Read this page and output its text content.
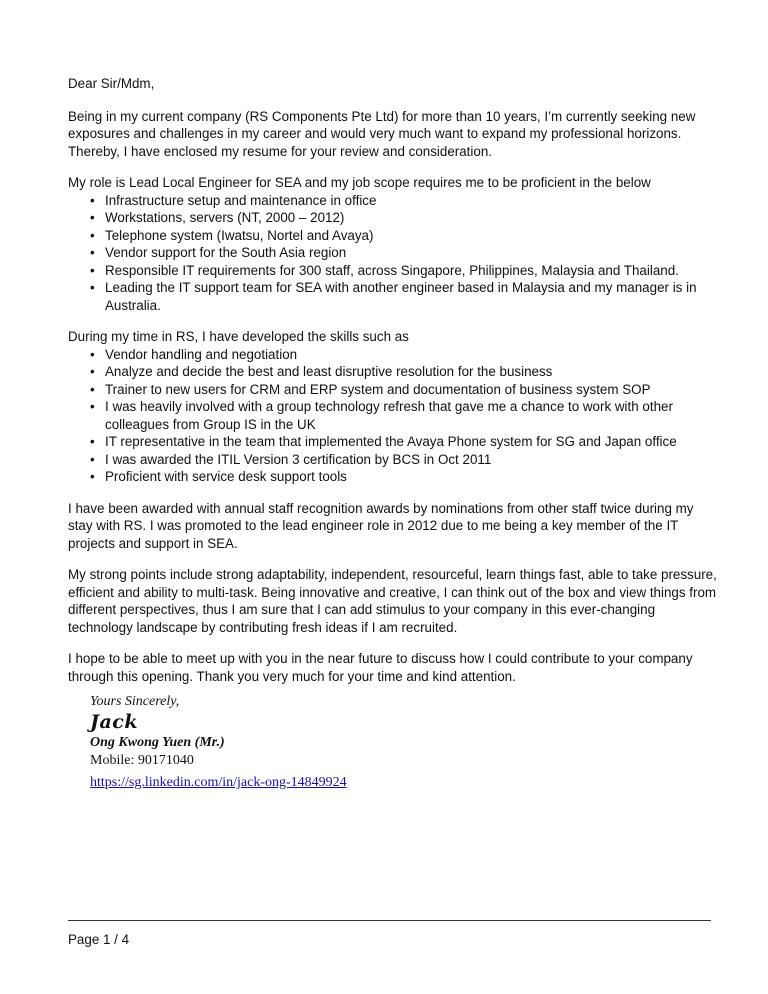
Dear Sir/Mdm,

Being in my current company (RS Components Pte Ltd) for more than 10 years, I’m currently seeking new exposures and challenges in my career and would very much want to expand my professional horizons. Thereby, I have enclosed my resume for your review and consideration.

My role is Lead Local Engineer for SEA and my job scope requires me to be proficient in the below

• Infrastructure setup and maintenance in office
• Workstations, servers (NT, 2000 – 2012)
• Telephone system (Iwatsu, Nortel and Avaya)
• Vendor support for the South Asia region
• Responsible IT requirements for 300 staff, across Singapore, Philippines, Malaysia and Thailand.
• Leading the IT support team for SEA with another engineer based in Malaysia and my manager is in Australia.

During my time in RS, I have developed the skills such as

• Vendor handling and negotiation
• Analyze and decide the best and least disruptive resolution for the business
• Trainer to new users for CRM and ERP system and documentation of business system SOP
• I was heavily involved with a group technology refresh that gave me a chance to work with other colleagues from Group IS in the UK
• IT representative in the team that implemented the Avaya Phone system for SG and Japan office
• I was awarded the ITIL Version 3 certification by BCS in Oct 2011
• Proficient with service desk support tools

I have been awarded with annual staff recognition awards by nominations from other staff twice during my stay with RS. I was promoted to the lead engineer role in 2012 due to me being a key member of the IT projects and support in SEA.

My strong points include strong adaptability, independent, resourceful, learn things fast, able to take pressure, efficient and ability to multi-task. Being innovative and creative, I can think out of the box and view things from different perspectives, thus I am sure that I can add stimulus to your company in this ever-changing technology landscape by contributing fresh ideas if I am recruited.

I hope to be able to meet up with you in the near future to discuss how I could contribute to your company through this opening. Thank you very much for your time and kind attention.

Yours Sincerely,
Jack
Ong Kwong Yuen (Mr.)
Mobile: 90171040
https://sg.linkedin.com/in/jack-ong-14849924
Page 1 / 4
